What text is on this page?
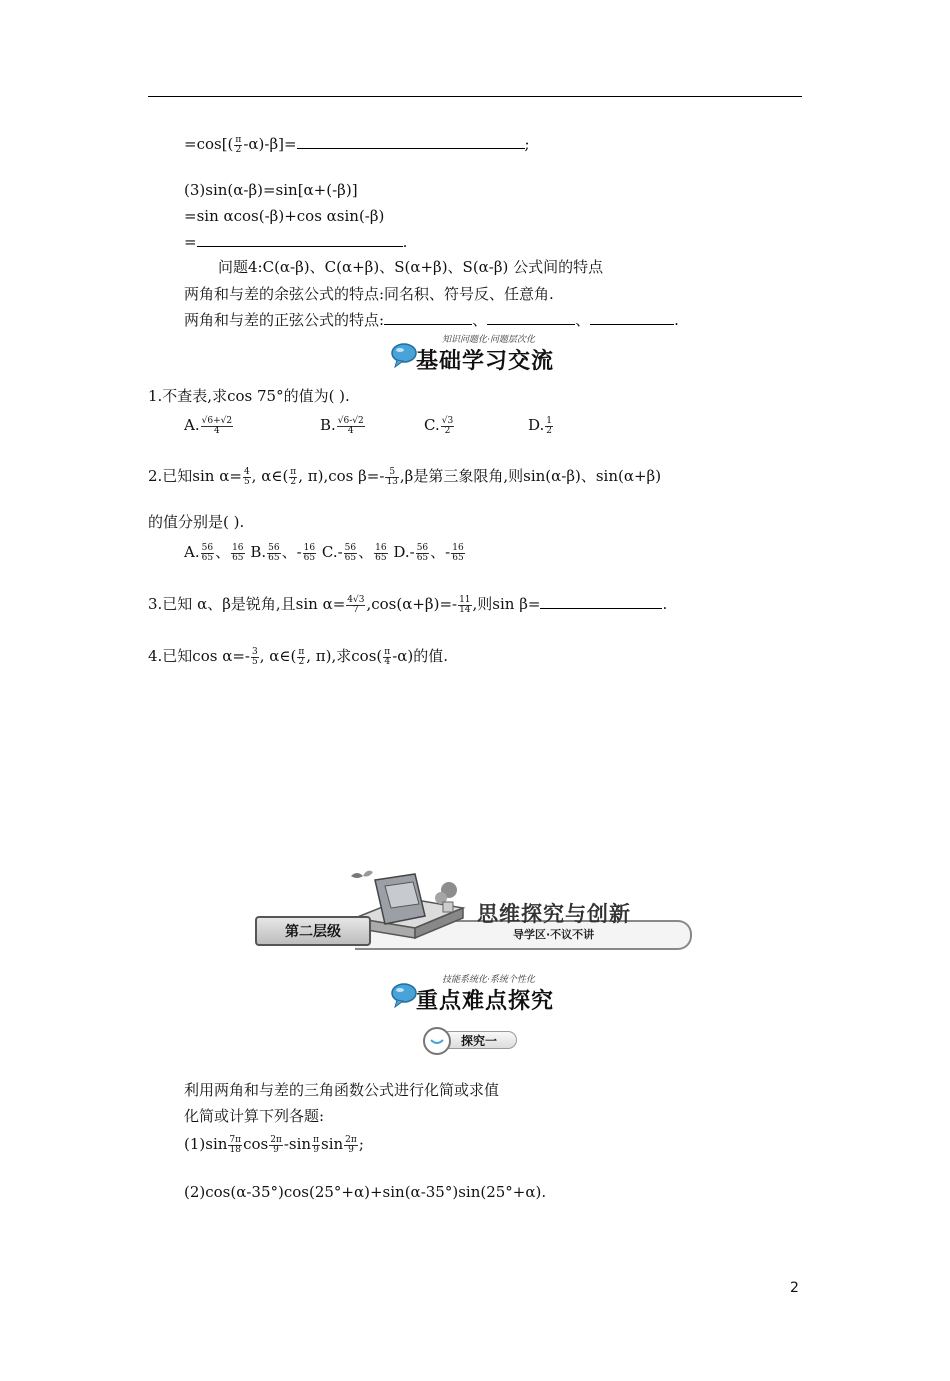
$=\cos[( \frac{\pi}{2} -\alpha)-\beta]=$	;
(3)sin(α-β)=sin[α+(-β)]
=sin αcos(-β)+cos αsin(-β)
=	.
问题4:C(α-β)、C(α+β)、S(α+β)、S(α-β) 公式间的特点
两角和与差的余弦公式的特点:同名积、符号反、任意角.
两角和与差的正弦公式的特点:	、	、	.
知识问题化·问题层次化
基础学习交流
1.不查表,求cos 75°的值为( ).
A. $\frac{√6+√2}{4}$	B. $\frac{√6-√2}{4}$	C. $\frac{√3}{2}$	D. $\frac{1}{2}$
2.已知$\sin \alpha= \frac{4}{5}$ , α∈( $\frac{\pi}{2}$ , π),cos $\beta=- \frac{5}{13} ,\beta$是第三象限角,则sin(α-β)、sin(α+β)
的值分别是( ).
A. $\frac{56}{65}$ 、 $\frac{16}{65} B$. $\frac{56}{65}$ 、- $\frac{16}{65} C.- \frac{56}{65}$ 、 $\frac{16}{65} D.- \frac{56}{65}$ 、- $\frac{16}{65}$
3.已知 α、β是锐角,且$\sin \alpha= \frac{4√3}{7} ,\cos(\alpha+\beta)=- \frac{11}{14}$ ,则sin β=	.
4.已知$\cos \alpha=- \frac{3}{5}$ , α∈( $\frac{\pi}{2}$ , π),求$\cos( \frac{\pi}{4} -\alpha)$的值.
第二层级
思维探究与创新
导学区·不议不讲
技能系统化·系统个性化
重点难点探究
探究一
利用两角和与差的三角函数公式进行化简或求值
化简或计算下列各题:
$(1)\sin \frac{7\pi}{18}$ $\cos \frac{2\pi}{9} -\sin \frac{\pi}{9}$ $\sin \frac{2\pi}{9}$ ;
(2)cos(α-35°)cos(25°+α)+sin(α-35°)sin(25°+α).
2
